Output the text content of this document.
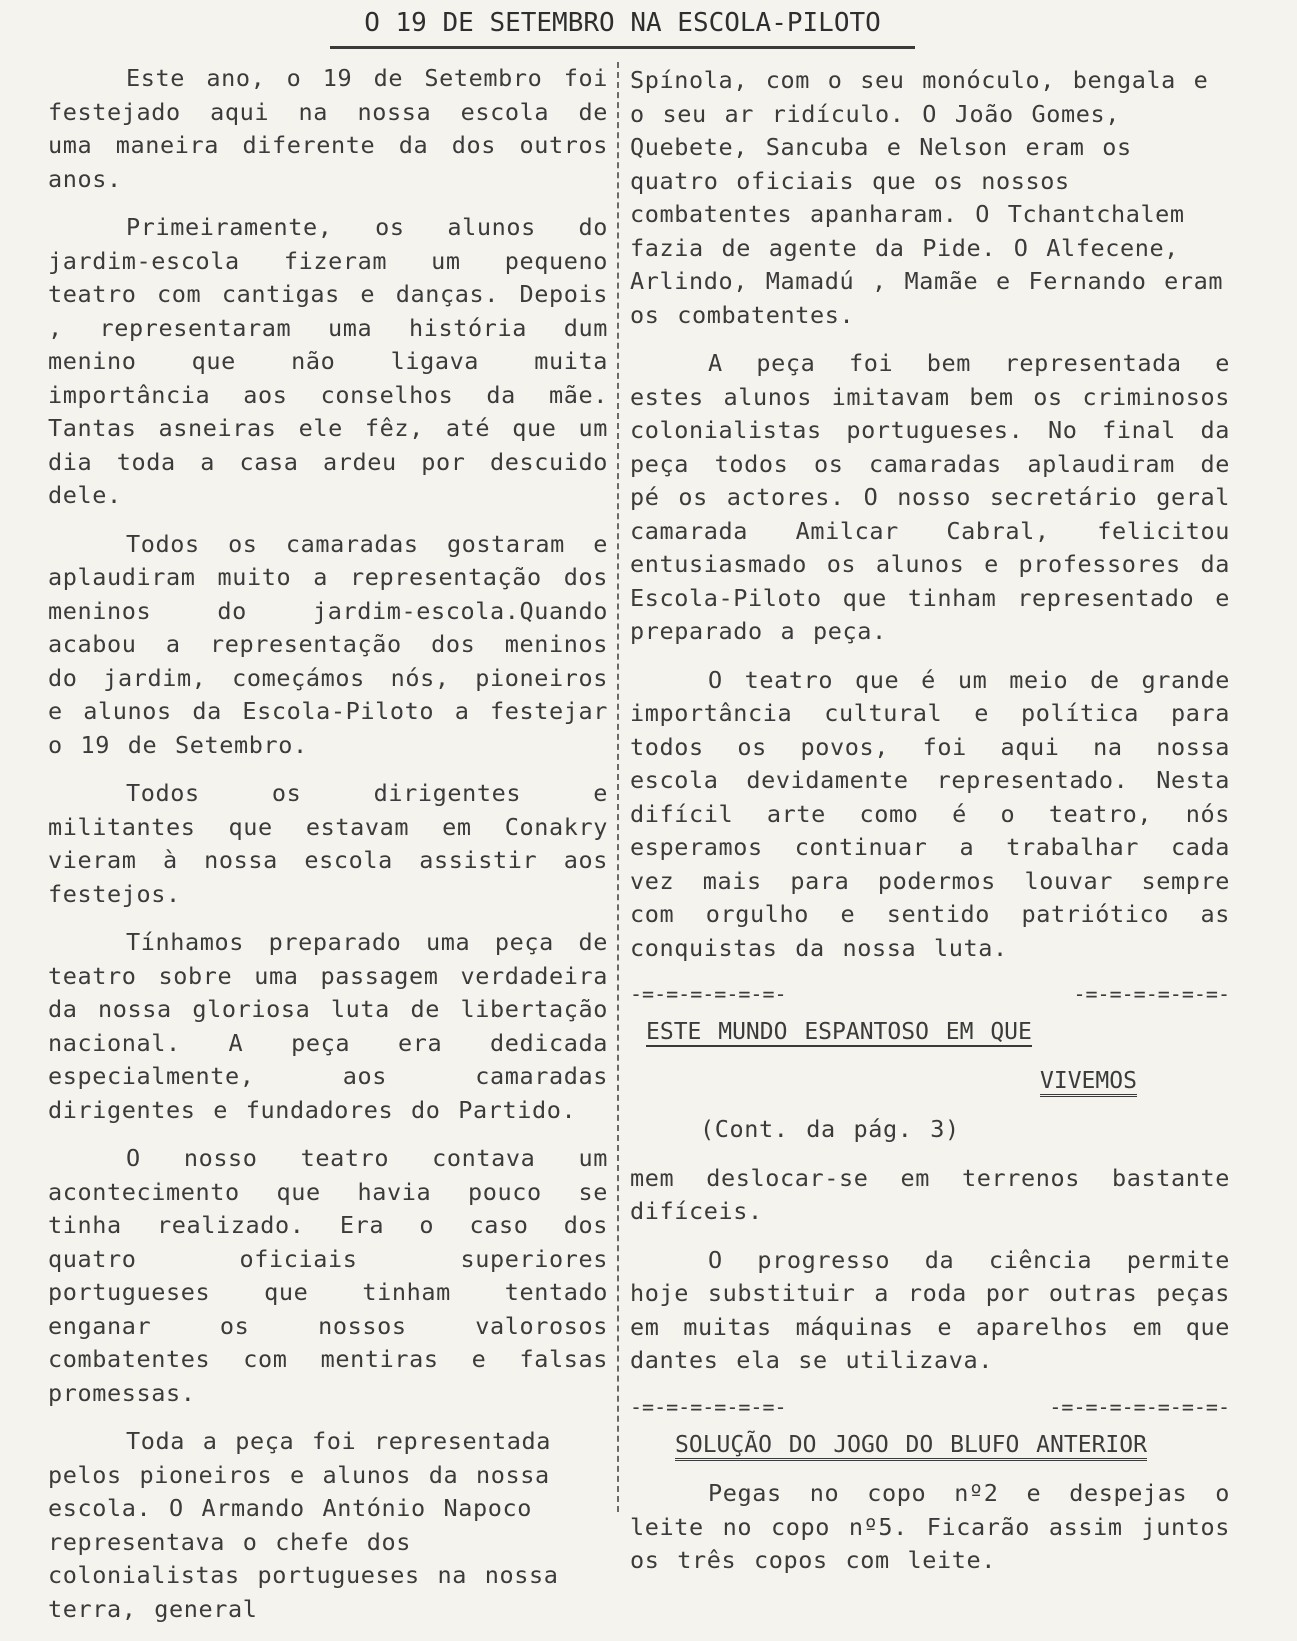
O 19 DE SETEMBRO NA ESCOLA-PILOTO

Este ano, o 19 de Setembro foi festejado aqui na nossa escola de uma maneira diferente da dos outros anos.

Primeiramente, os alunos do jardim-escola fizeram um pequeno teatro com cantigas e danças. Depois , representaram uma história dum menino que não ligava muita importância aos conselhos da mãe. Tantas asneiras ele fêz, até que um dia toda a casa ardeu por descuido dele.

Todos os camaradas gostaram e aplaudiram muito a representação dos meninos do jardim-escola.Quando acabou a representação dos meninos do jardim, começámos nós, pioneiros e alunos da Escola-Piloto a festejar o 19 de Setembro.

Todos os dirigentes e militantes que estavam em Conakry vieram à nossa escola assistir aos festejos.

Tínhamos preparado uma peça de teatro sobre uma passagem verdadeira da nossa gloriosa luta de libertação nacional. A peça era dedicada especialmente, aos camaradas dirigentes e fundadores do Partido.

O nosso teatro contava um acontecimento que havia pouco se tinha realizado. Era o caso dos quatro oficiais superiores portugueses que tinham tentado enganar os nossos valorosos combatentes com mentiras e falsas promessas.

Toda a peça foi representada pelos pioneiros e alunos da nossa escola. O Armando António Napoco representava o chefe dos colonialistas portugueses na nossa terra, general

Spínola, com o seu monóculo, bengala e o seu ar ridículo. O João Gomes, Quebete, Sancuba e Nelson eram os quatro oficiais que os nossos combatentes apanharam. O Tchantchalem fazia de agente da Pide. O Alfecene, Arlindo, Mamadú , Mamãe e Fernando eram os combatentes.

A peça foi bem representada e estes alunos imitavam bem os criminosos colonialistas portugueses. No final da peça todos os camaradas aplaudiram de pé os actores. O nosso secretário geral camarada Amilcar Cabral, felicitou entusiasmado os alunos e professores da Escola-Piloto que tinham representado e preparado a peça.

O teatro que é um meio de grande importância cultural e política para todos os povos, foi aqui na nossa escola devidamente representado. Nesta difícil arte como é o teatro, nós esperamos continuar a trabalhar cada vez mais para podermos louvar sempre com orgulho e sentido patriótico as conquistas da nossa luta.

-=-=-=-=-=-=-	-=-=-=-=-=-=-

ESTE MUNDO ESPANTOSO EM QUE

VIVEMOS

(Cont. da pág. 3)

mem deslocar-se em terrenos bastante difíceis.

O progresso da ciência permite hoje substituir a roda por outras peças em muitas máquinas e aparelhos em que dantes ela se utilizava.

-=-=-=-=-=-=-	-=-=-=-=-=-=-=-

SOLUÇÃO DO JOGO DO BLUFO ANTERIOR

Pegas no copo nº2 e despejas o leite no copo nº5. Ficarão assim juntos os três copos com leite.
